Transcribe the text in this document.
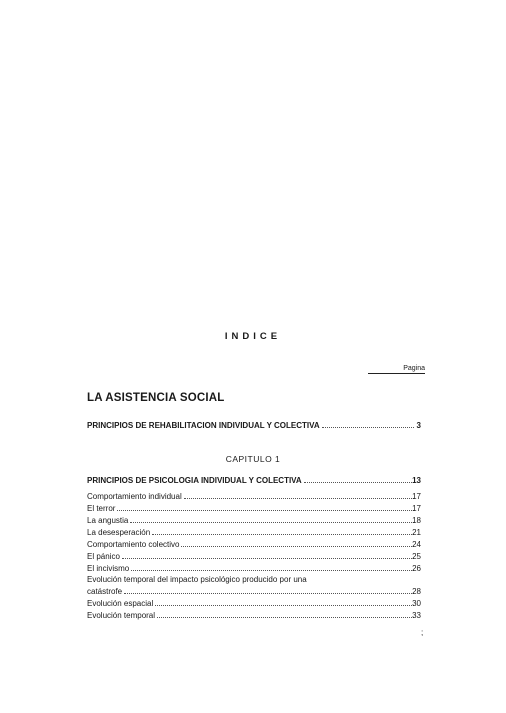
INDICE
Pagina
LA ASISTENCIA SOCIAL
PRINCIPIOS DE REHABILITACION INDIVIDUAL Y COLECTIVA	3
CAPITULO 1
PRINCIPIOS DE PSICOLOGIA INDIVIDUAL Y COLECTIVA	13
Comportamiento individual	17
El terror	17
La angustia	18
La desesperación	21
Comportamiento colectivo	24
El pánico	25
El incivismo	26
Evolución temporal del impacto psicológico producido por una
catástrofe	28
Evolución espacial	30
Evolución temporal	33
;
